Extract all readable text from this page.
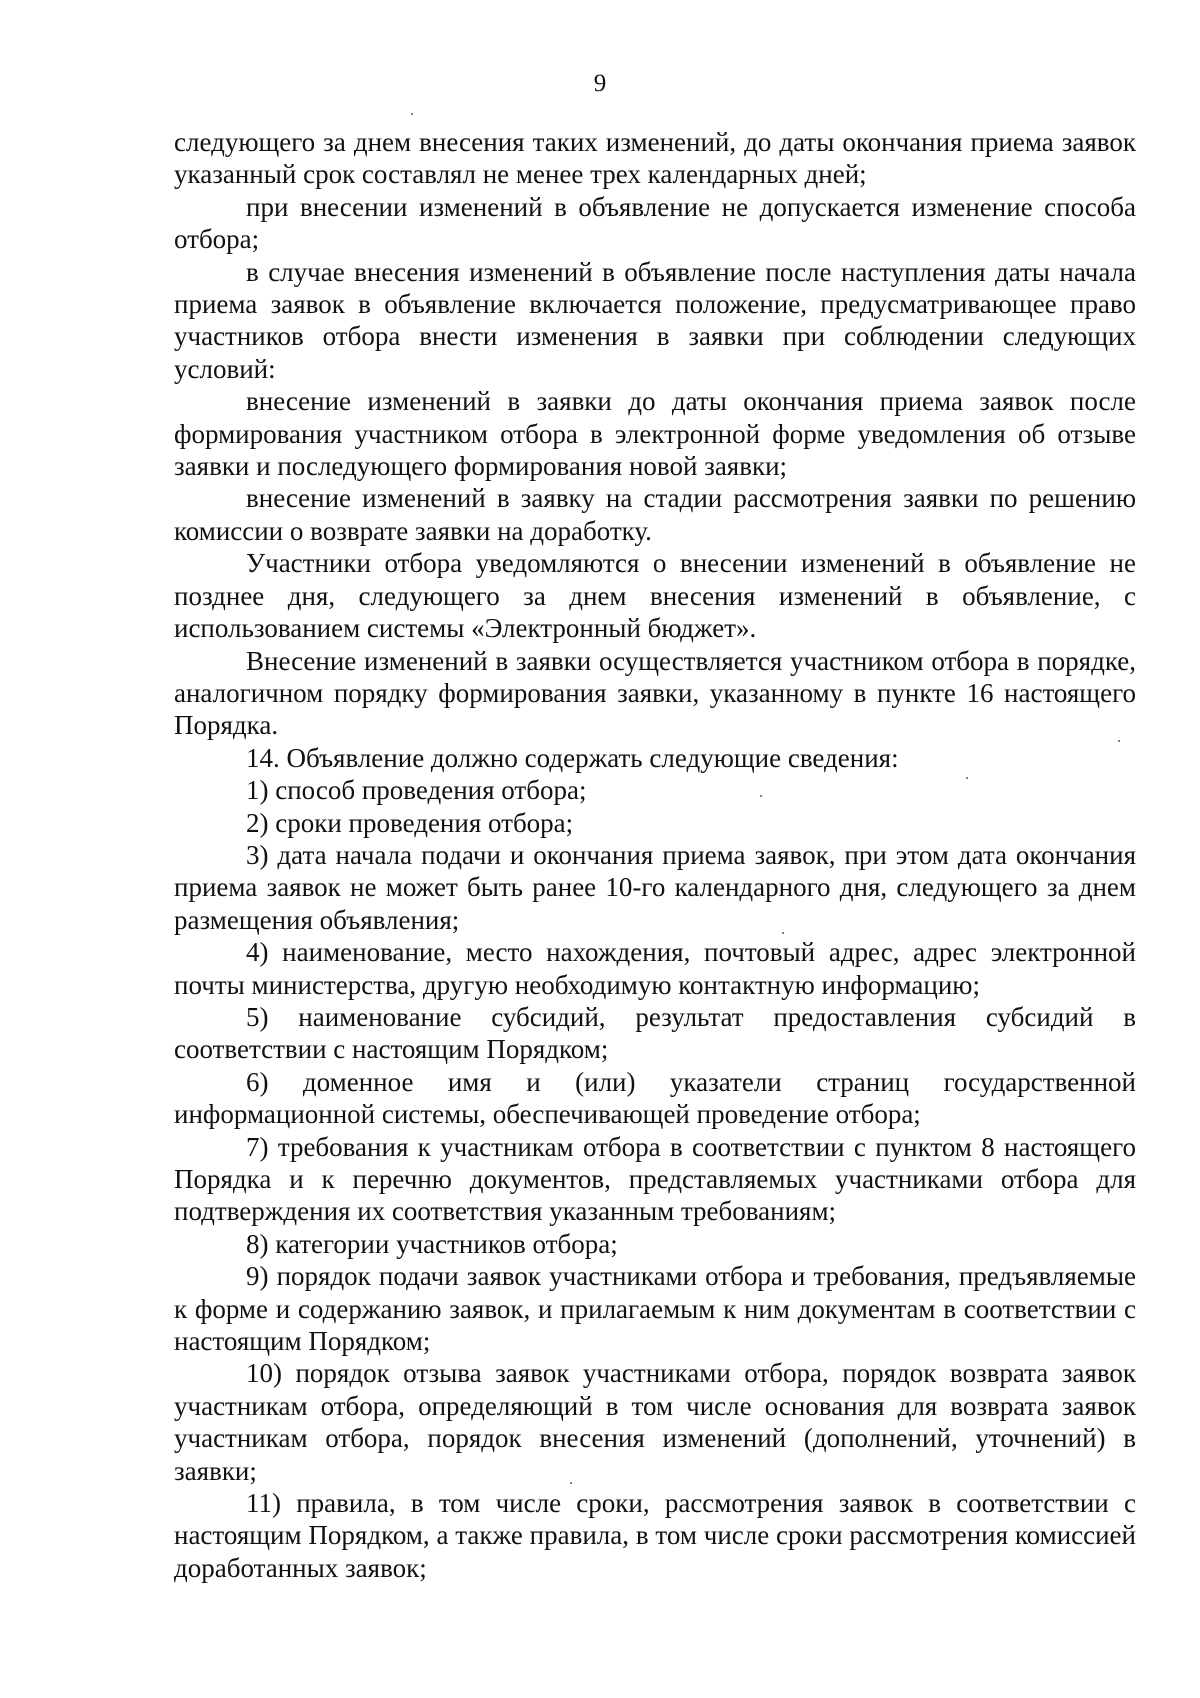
9

следующего за днем внесения таких изменений, до даты окончания приема заявок указанный срок составлял не менее трех календарных дней;

при внесении изменений в объявление не допускается изменение способа отбора;

в случае внесения изменений в объявление после наступления даты начала приема заявок в объявление включается положение, предусматривающее право участников отбора внести изменения в заявки при соблюдении следующих условий:

внесение изменений в заявки до даты окончания приема заявок после формирования участником отбора в электронной форме уведомления об отзыве заявки и последующего формирования новой заявки;

внесение изменений в заявку на стадии рассмотрения заявки по решению комиссии о возврате заявки на доработку.

Участники отбора уведомляются о внесении изменений в объявление не позднее дня, следующего за днем внесения изменений в объявление, с использованием системы «Электронный бюджет».

Внесение изменений в заявки осуществляется участником отбора в порядке, аналогичном порядку формирования заявки, указанному в пункте 16 настоящего Порядка.

14. Объявление должно содержать следующие сведения:

1) способ проведения отбора;

2) сроки проведения отбора;

3) дата начала подачи и окончания приема заявок, при этом дата окончания приема заявок не может быть ранее 10-го календарного дня, следующего за днем размещения объявления;

4) наименование, место нахождения, почтовый адрес, адрес электронной почты министерства, другую необходимую контактную информацию;

5) наименование субсидий, результат предоставления субсидий в соответствии с настоящим Порядком;

6) доменное имя и (или) указатели страниц государственной информационной системы, обеспечивающей проведение отбора;

7) требования к участникам отбора в соответствии с пунктом 8 настоящего Порядка и к перечню документов, представляемых участниками отбора для подтверждения их соответствия указанным требованиям;

8) категории участников отбора;

9) порядок подачи заявок участниками отбора и требования, предъявляемые к форме и содержанию заявок, и прилагаемым к ним документам в соответствии с настоящим Порядком;

10) порядок отзыва заявок участниками отбора, порядок возврата заявок участникам отбора, определяющий в том числе основания для возврата заявок участникам отбора, порядок внесения изменений (дополнений, уточнений) в заявки;

11) правила, в том числе сроки, рассмотрения заявок в соответствии с настоящим Порядком, а также правила, в том числе сроки рассмотрения комиссией доработанных заявок;
